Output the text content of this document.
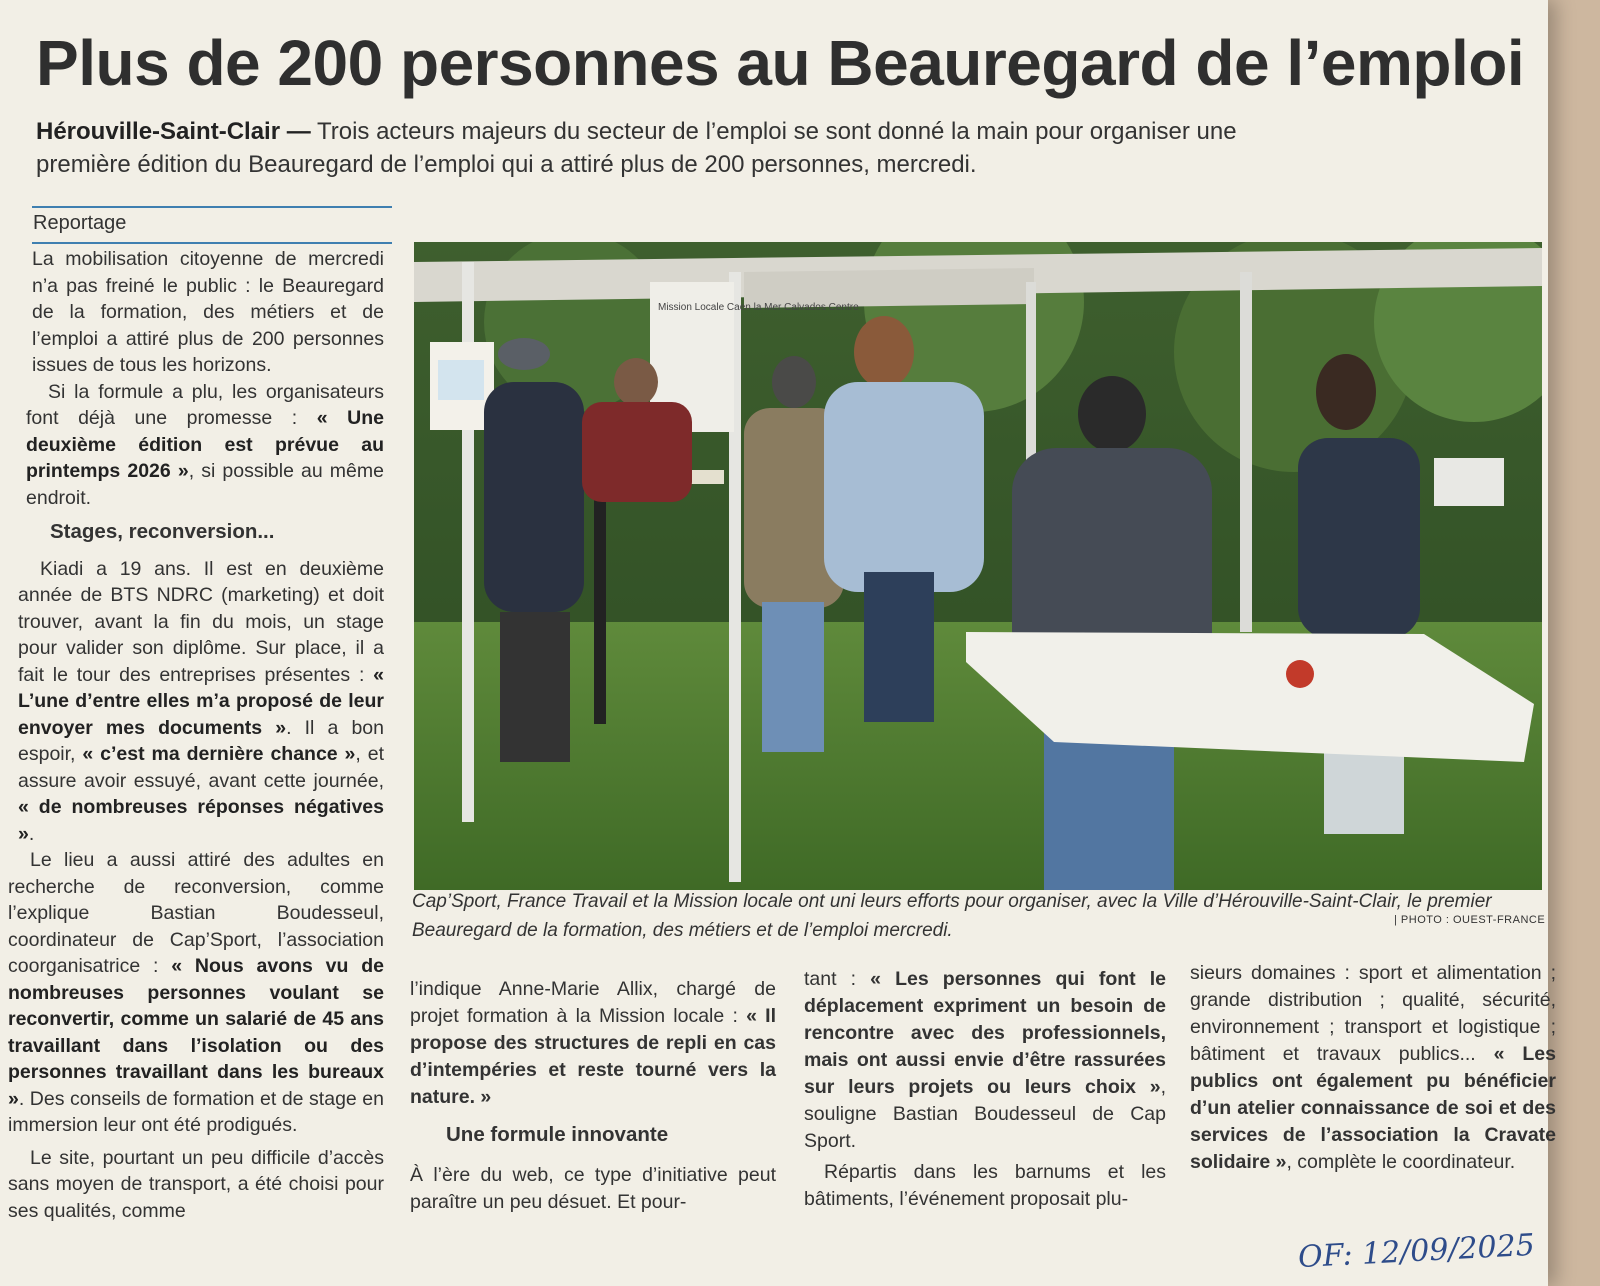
Plus de 200 personnes au Beauregard de l’emploi
Hérouville-Saint-Clair — Trois acteurs majeurs du secteur de l’emploi se sont donné la main pour organiser une première édition du Beauregard de l’emploi qui a attiré plus de 200 personnes, mercredi.
Reportage

La mobilisation citoyenne de mercredi n’a pas freiné le public : le Beauregard de la formation, des métiers et de l’emploi a attiré plus de 200 personnes issues de tous les horizons.

Si la formule a plu, les organisateurs font déjà une promesse : « Une deuxième édition est prévue au printemps 2026 », si possible au même endroit.

Stages, reconversion...

Kiadi a 19 ans. Il est en deuxième année de BTS NDRC (marketing) et doit trouver, avant la fin du mois, un stage pour valider son diplôme. Sur place, il a fait le tour des entreprises présentes : « L’une d’entre elles m’a proposé de leur envoyer mes documents ». Il a bon espoir, « c’est ma dernière chance », et assure avoir essuyé, avant cette journée, « de nombreuses réponses négatives ».

Le lieu a aussi attiré des adultes en recherche de reconversion, comme l’explique Bastian Boudesseul, coordinateur de Cap’Sport, l’association coorganisatrice : « Nous avons vu de nombreuses personnes voulant se reconvertir, comme un salarié de 45 ans travaillant dans l’isolation ou des personnes travaillant dans les bureaux ». Des conseils de formation et de stage en immersion leur ont été prodigués.

Le site, pourtant un peu difficile d’accès sans moyen de transport, a été choisi pour ses qualités, comme

Mission Locale Caen la Mer Calvados Centre
Cap’Sport, France Travail et la Mission locale ont uni leurs efforts pour organiser, avec la Ville d’Hérouville-Saint-Clair, le premier Beauregard de la formation, des métiers et de l’emploi mercredi.	| PHOTO : OUEST-FRANCE

l’indique Anne-Marie Allix, chargé de projet formation à la Mission locale : « Il propose des structures de repli en cas d’intempéries et reste tourné vers la nature. »

Une formule innovante

À l’ère du web, ce type d’initiative peut paraître un peu désuet. Et pour-

tant : « Les personnes qui font le déplacement expriment un besoin de rencontre avec des professionnels, mais ont aussi envie d’être rassurées sur leurs projets ou leurs choix », souligne Bastian Boudesseul de Cap Sport.

Répartis dans les barnums et les bâtiments, l’événement proposait plu-

sieurs domaines : sport et alimentation ; grande distribution ; qualité, sécurité, environnement ; transport et logistique ; bâtiment et travaux publics... « Les publics ont également pu bénéficier d’un atelier connaissance de soi et des services de l’association la Cravate solidaire », complète le coordinateur.

OF: 12/09/2025
